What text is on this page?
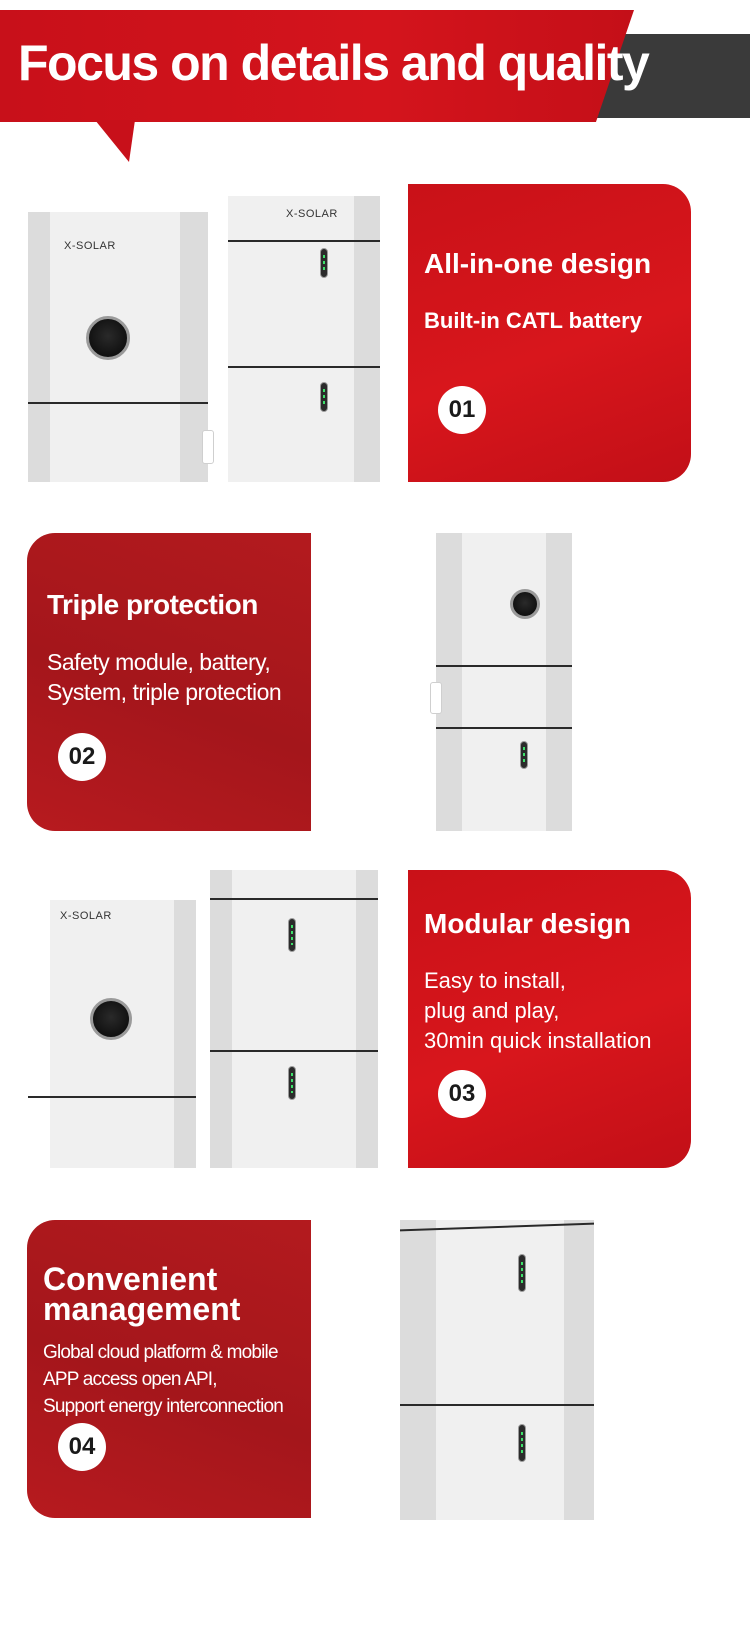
Focus on details and quality
X-SOLAR
X-SOLAR
All-in-one design

Built-in CATL battery

01
Triple protection

Safety module, battery,

System, triple protection

02
X-SOLAR	Modular design

Easy to install,

plug and play,

30min quick installation

03
Convenient
management

Global cloud platform & mobile

APP access open API,

Support energy interconnection

04
